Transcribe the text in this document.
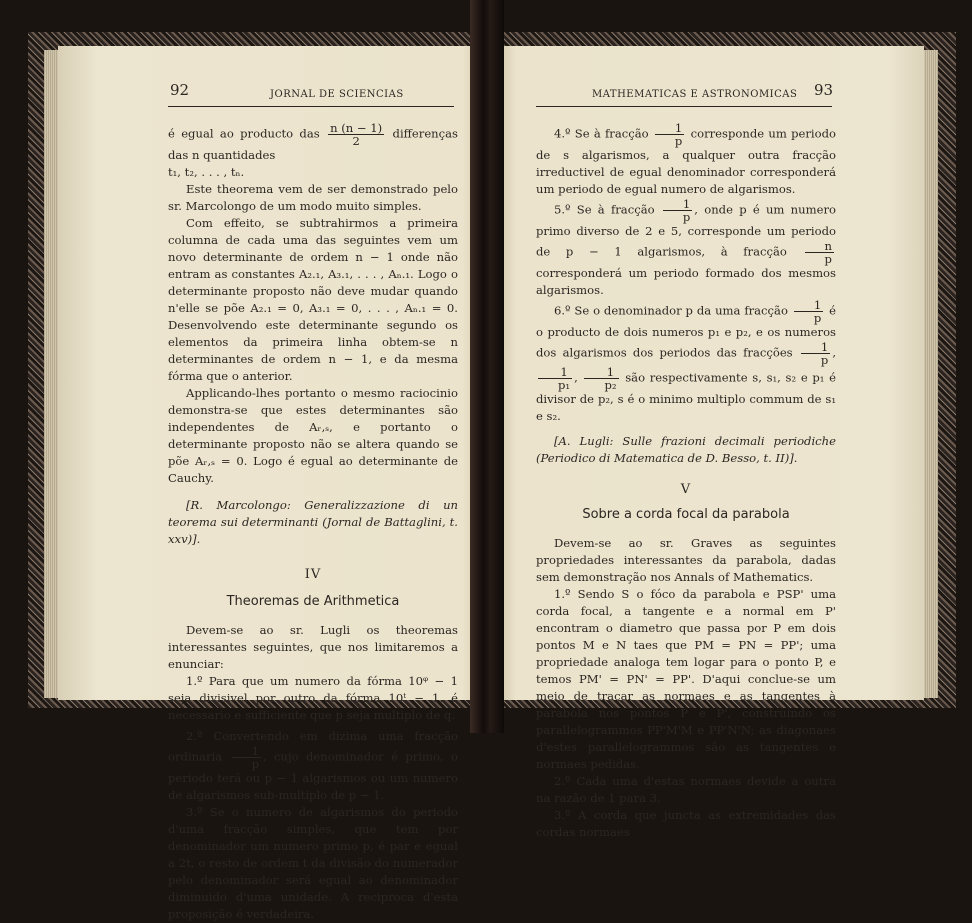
92	JORNAL DE SCIENCIAS

é egual ao producto das $\frac{n (n - 1)}{2}$ differenças das n quantidades

t₁, t₂, . . . , tₙ.

Este theorema vem de ser demonstrado pelo sr. Marcolongo de um modo muito simples.

Com effeito, se subtrahirmos a primeira columna de cada uma das seguintes vem um novo determinante de ordem n − 1 onde não entram as constantes A₂.₁, A₃.₁, . . . , Aₙ.₁. Logo o determinante proposto não deve mudar quando n'elle se põe A₂.₁ = 0, A₃.₁ = 0, . . . , Aₙ.₁ = 0. Desenvolvendo este determinante segundo os elementos da primeira linha obtem-se n determinantes de ordem n − 1, e da mesma fórma que o anterior.

Applicando-lhes portanto o mesmo raciocinio demonstra-se que estes determinantes são independentes de Aᵣ,ₛ, e portanto o determinante proposto não se altera quando se põe Aᵣ,ₛ = 0. Logo é egual ao determinante de Cauchy.

[R. Marcolongo: Generalizzazione di un teorema sui determinanti (Jornal de Battaglini, t. xxv)].

IV

Theoremas de Arithmetica

Devem-se ao sr. Lugli os theoremas interessantes seguintes, que nos limitaremos a enunciar:

1.º Para que um numero da fórma 10ᵠ − 1 seja divisivel por outro da fórma 10ᵗ − 1, é necessario e sufficiente que p seja multiplo de q.

2.º Convertendo em dizima uma fracção ordinaria $\frac{1}{p}$ , cujo denominador é primo, o periodo terá ou p − 1 algarismos ou um numero de algarismos sub-multiplo de p − 1.

3.º Se o numero de algarismos do periodo d'uma fracção simples, que tem por denominador um numero primo p, é par e egual a 2t, o resto de ordem t da divisão do numerador pelo denominador será egual ao denominador diminuido d'uma unidade. A reciproca d'esta proposição é verdadeira.

MATHEMATICAS E ASTRONOMICAS 93

4.º Se à fracção $\frac{1}{p}$ corresponde um periodo de s algarismos, a qualquer outra fracção irreductivel de egual denominador corresponderá um periodo de egual numero de algarismos.

5.º Se à fracção $\frac{1}{p}$ , onde p é um numero primo diverso de 2 e 5, corresponde um periodo de p − 1 algarismos, à fracção $\frac{n}{p}$
corresponderá um periodo formado dos mesmos algarismos.

6.º Se o denominador p da uma fracção $\frac{1}{p}$ é o producto de dois numeros p₁ e p₂, e os numeros dos algarismos dos periodos das fracções $\frac{1}{p}$ ,
$\frac{1}{\text{p₁}}$ , $\frac{1}{\text{p₂}}$ são respectivamente s, s₁, s₂ e p₁ é divisor de p₂, s é o minimo multiplo commum de s₁ e s₂.

[A. Lugli: Sulle frazioni decimali periodiche (Periodico di Matematica de D. Besso, t. II)].

V

Sobre a corda focal da parabola

Devem-se ao sr. Graves as seguintes propriedades interessantes da parabola, dadas sem demonstração nos Annals of Mathematics.

1.º Sendo S o fóco da parabola e PSP' uma corda focal, a tangente e a normal em P' encontram o diametro que passa por P em dois pontos M e N taes que PM = PN = PP'; uma propriedade analoga tem logar para o ponto P, e temos PM' = PN' = PP'. D'aqui conclue-se um meio de traçar as normaes e as tangentes à parabola nos pontos P e P', construindo os parallelogrammos PP'M'M e PP'N'N; as diagonaes d'estes parallelogrammos são as tangentes e normaes pedidas.

2.º Cada uma d'estas normaes devide a outra na razão de 1 para 3.

3.º A corda que juncta as extremidades das cordas normaes
